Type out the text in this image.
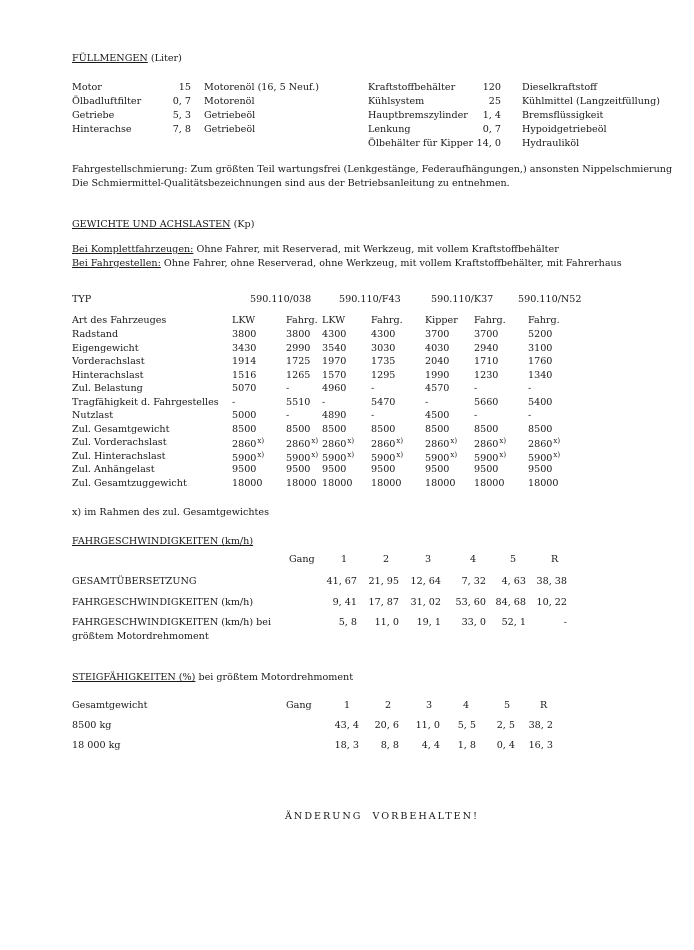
FÜLLMENGEN (Liter)
Motor	15 Motorenöl (16, 5 Neuf.)
Ölbadluftfilter	0, 7 Motorenöl
Getriebe	5, 3 Getriebeöl
Hinterachse	7, 8 Getriebeöl
Kraftstoffbehälter	120 Dieselkraftstoff
Kühlsystem	25 Kühlmittel (Langzeitfüllung)
Hauptbremszylinder	1, 4 Bremsflüssigkeit
Lenkung	0, 7 Hypoidgetriebeöl
Ölbehälter für Kipper 14, 0 Hydrauliköl
Fahrgestellschmierung: Zum größten Teil wartungsfrei (Lenkgestänge, Federaufhängungen,) ansonsten Nippelschmierung
Die Schmiermittel-Qualitätsbezeichnungen sind aus der Betriebsanleitung zu entnehmen.
GEWICHTE UND ACHSLASTEN (Kp)
Bei Komplettfahrzeugen: Ohne Fahrer, mit Reserverad, mit Werkzeug, mit vollem Kraftstoffbehälter
Bei Fahrgestellen: Ohne Fahrer, ohne Reserverad, ohne Werkzeug, mit vollem Kraftstoffbehälter, mit Fahrerhaus
TYP	590.110/038	590.110/F43	590.110/K37	590.110/N52
Art des Fahrzeuges	LKW	Fahrg. LKW	Fahrg. Kipper Fahrg. Fahrg.
Radstand	3800	3800 4300	4300	3700	3700	5200
Eigengewicht	3430	2990 3540	3030	4030	2940	3100
Vorderachslast	1914	1725 1970	1735	2040	1710	1760
Hinterachslast	1516	1265 1570	1295	1990	1230	1340
Zul. Belastung	5070	-	4960	-	4570	-	-
Tragfähigkeit d. Fahrgestelles -	5510 -	5470	-	5660	5400
Nutzlast	5000	-	4890	-	4500	-	-
Zul. Gesamtgewicht	8500	8500 8500	8500	8500	8500	8500
Zul. Vorderachslast	2860$^{x)}$ 2860$^{x)}$ 2860$^{x)}$ 2860$^{x)}$ 2860$^{x)}$ 2860$^{x)}$ 2860$^{x)}$
Zul. Hinterachslast	5900$^{x)}$ 5900$^{x)}$ 5900$^{x)}$ 5900$^{x)}$ 5900$^{x)}$ 5900$^{x)}$ 5900$^{x)}$
Zul. Anhängelast	9500	9500 9500	9500	9500	9500	9500
Zul. Gesamtzuggewicht	18000 18000 18000 18000 18000 18000 18000
x) im Rahmen des zul. Gesamtgewichtes
FAHRGESCHWINDIGKEITEN (km/h)
Gang	1	2	3	4	5	R
GESAMTÜBERSETZUNG	41, 67	21, 95	12, 64	7, 32	4, 63	38, 38
FAHRGESCHWINDIGKEITEN (km/h)	9, 41	17, 87	31, 02	53, 60 84, 68	10, 22
FAHRGESCHWINDIGKEITEN (km/h) bei
größtem Motordrehmoment
5, 8	11, 0	19, 1	33, 0	52, 1	-
STEIGFÄHIGKEITEN (%) bei größtem Motordrehmoment
Gesamtgewicht	Gang	1	2	3	4	5	R
8500 kg	43, 4	20, 6	11, 0	5, 5	2, 5	38, 2
18 000 kg	18, 3	8, 8	4, 4	1, 8	0, 4	16, 3
ÄNDERUNG  VORBEHALTEN!
